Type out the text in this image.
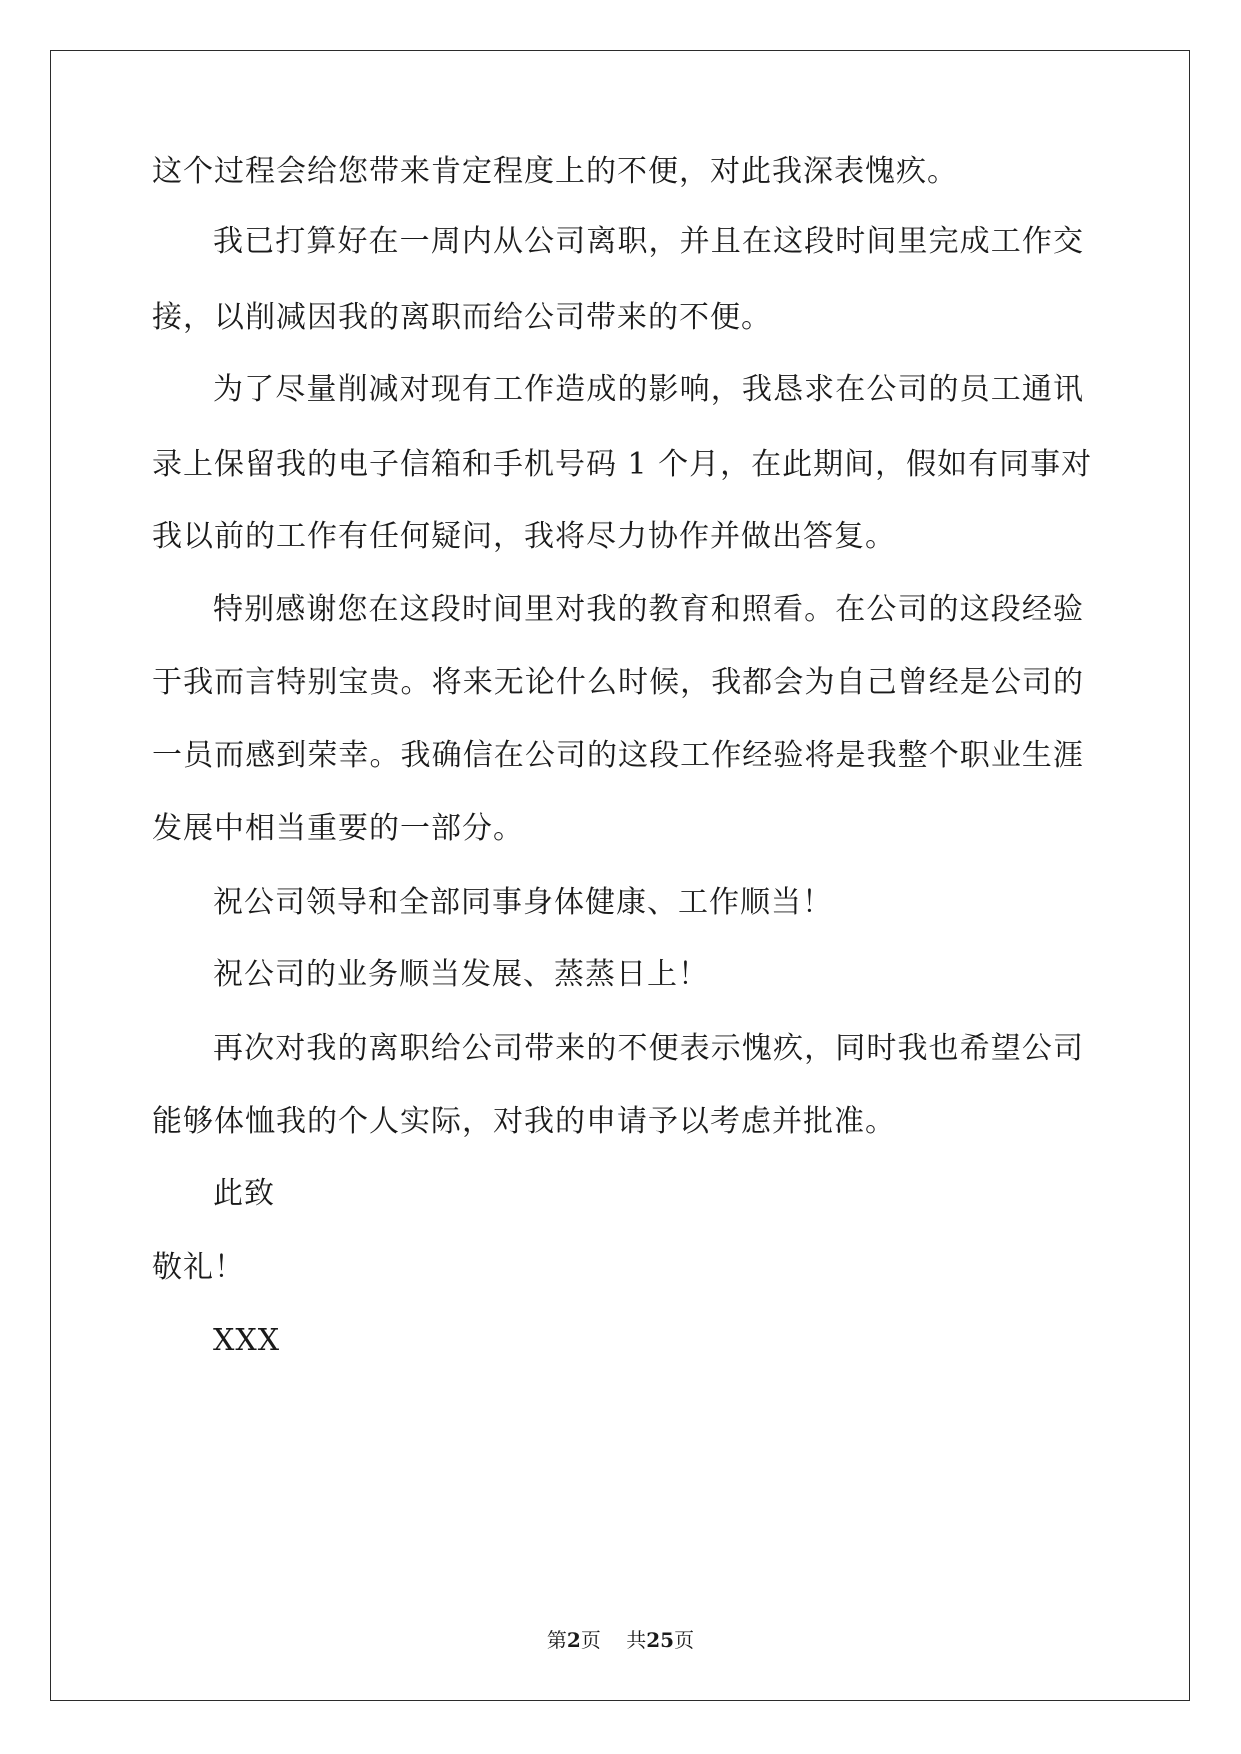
这个过程会给您带来肯定程度上的不便，对此我深表愧疚。

我已打算好在一周内从公司离职，并且在这段时间里完成工作交

接，以削减因我的离职而给公司带来的不便。

为了尽量削减对现有工作造成的影响，我恳求在公司的员工通讯

录上保留我的电子信箱和手机号码 1 个月，在此期间，假如有同事对

我以前的工作有任何疑问，我将尽力协作并做出答复。

特别感谢您在这段时间里对我的教育和照看。在公司的这段经验

于我而言特别宝贵。将来无论什么时候，我都会为自己曾经是公司的

一员而感到荣幸。我确信在公司的这段工作经验将是我整个职业生涯

发展中相当重要的一部分。

祝公司领导和全部同事身体健康、工作顺当！

祝公司的业务顺当发展、蒸蒸日上！

再次对我的离职给公司带来的不便表示愧疚，同时我也希望公司

能够体恤我的个人实际，对我的申请予以考虑并批准。

此致

敬礼！

XXX

第2页 共25页
